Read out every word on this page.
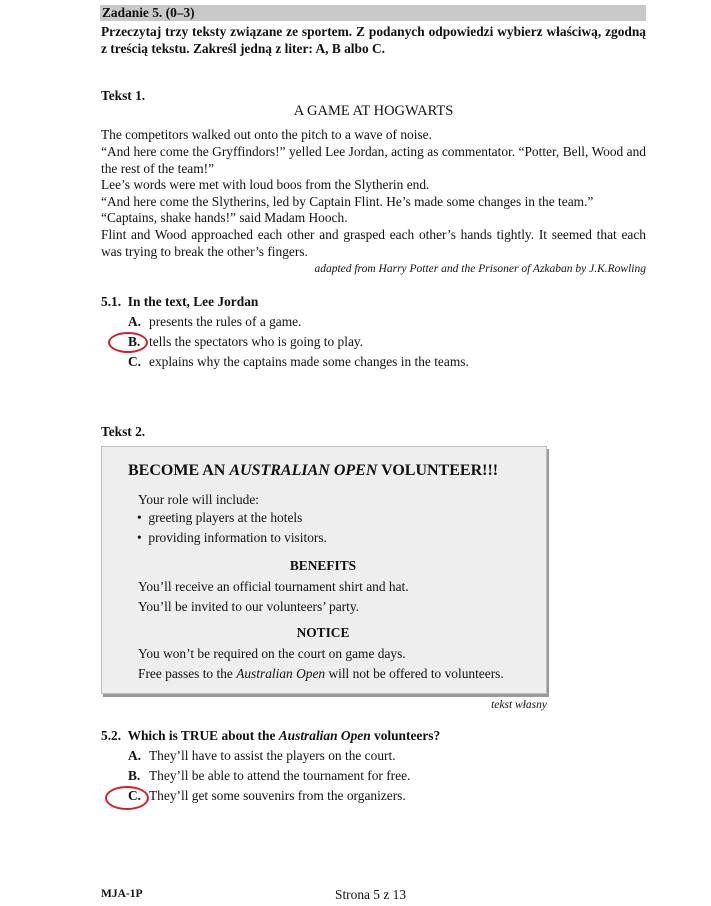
Zadanie 5. (0–3)
Przeczytaj trzy teksty związane ze sportem. Z podanych odpowiedzi wybierz właściwą, zgodną z treścią tekstu. Zakreśl jedną z liter: A, B albo C.
Tekst 1.
A GAME AT HOGWARTS
The competitors walked out onto the pitch to a wave of noise.
“And here come the Gryffindors!” yelled Lee Jordan, acting as commentator. “Potter, Bell, Wood and the rest of the team!”
Lee’s words were met with loud boos from the Slytherin end.
“And here come the Slytherins, led by Captain Flint. He’s made some changes in the team.”
“Captains, shake hands!” said Madam Hooch.
Flint and Wood approached each other and grasped each other’s hands tightly. It seemed that each was trying to break the other’s fingers.
adapted from Harry Potter and the Prisoner of Azkaban by J.K.Rowling
5.1. In the text, Lee Jordan
A. presents the rules of a game.
B. tells the spectators who is going to play.
C. explains why the captains made some changes in the teams.
Tekst 2.
BECOME AN AUSTRALIAN OPEN VOLUNTEER!!!
Your role will include:
•  greeting players at the hotels
•  providing information to visitors.
BENEFITS
You’ll receive an official tournament shirt and hat.
You’ll be invited to our volunteers’ party.
NOTICE
You won’t be required on the court on game days.
Free passes to the Australian Open will not be offered to volunteers.
tekst własny
5.2. Which is TRUE about the Australian Open volunteers?
A. They’ll have to assist the players on the court.
B. They’ll be able to attend the tournament for free.
C. They’ll get some souvenirs from the organizers.
MJA-1P	Strona 5 z 13
